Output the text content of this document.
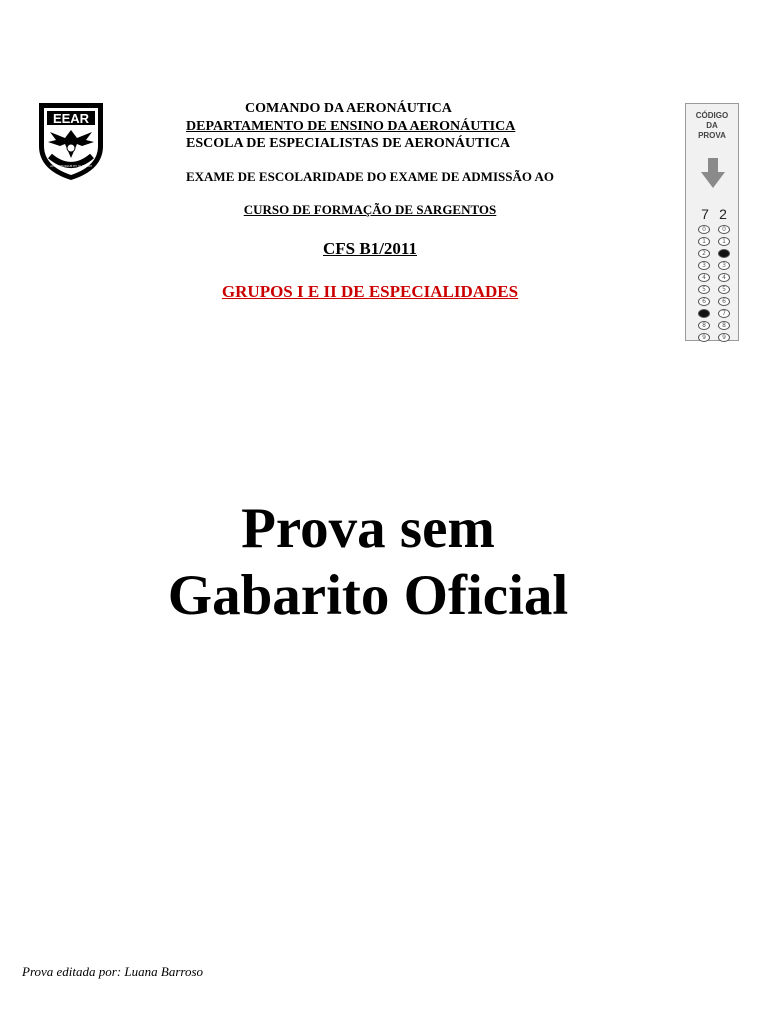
EEAR
AD VICTORIAM ET GLORIAM
COMANDO DA AERONÁUTICA
DEPARTAMENTO DE ENSINO DA AERONÁUTICA
ESCOLA DE ESPECIALISTAS DE AERONÁUTICA
EXAME DE ESCOLARIDADE DO EXAME DE ADMISSÃO AO
CURSO DE FORMAÇÃO DE SARGENTOS
CFS B1/2011
GRUPOS I E II DE ESPECIALIDADES
Prova sem
Gabarito Oficial
CÓDIGO
DA
PROVA
7 2
0	0
1	1
2	2
3	3
4	4
5	5
6	6
7	7
8	8
9	9
Prova editada por: Luana Barroso
